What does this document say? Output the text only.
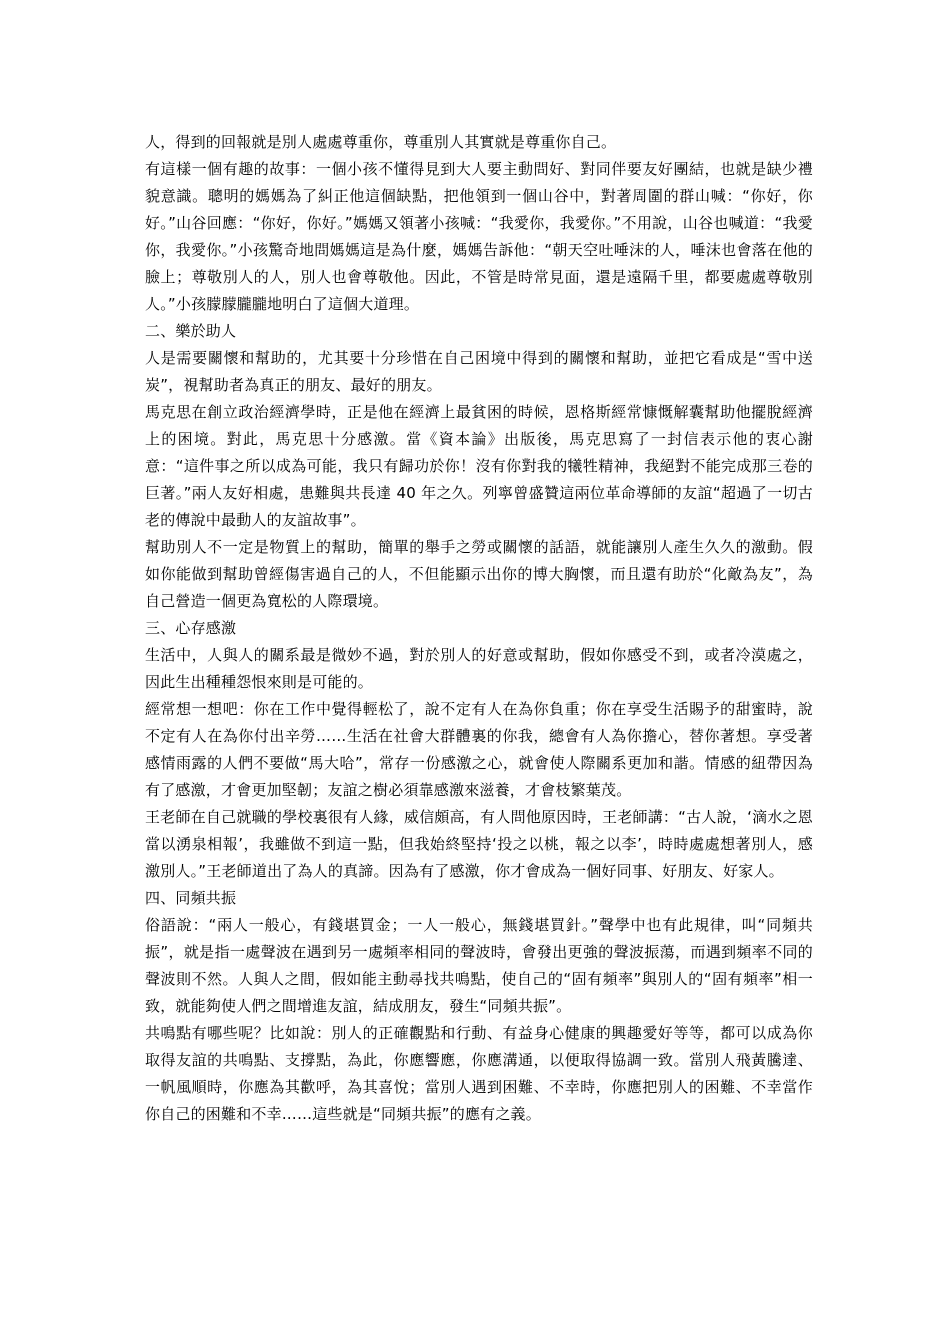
人，得到的回報就是別人處處尊重你，尊重別人其實就是尊重你自己。

有這樣一個有趣的故事：一個小孩不懂得見到大人要主動問好、對同伴要友好團結，也就是缺少禮貌意識。聰明的媽媽為了糾正他這個缺點，把他領到一個山谷中，對著周圍的群山喊：“你好，你好。”山谷回應：“你好，你好。”媽媽又領著小孩喊：“我愛你，我愛你。”不用說，山谷也喊道：“我愛你，我愛你。”小孩驚奇地問媽媽這是為什麼，媽媽告訴他：“朝天空吐唾沫的人，唾沫也會落在他的臉上；尊敬別人的人，別人也會尊敬他。因此，不管是時常見面，還是遠隔千里，都要處處尊敬別人。”小孩朦朦朧朧地明白了這個大道理。

二、樂於助人

人是需要關懷和幫助的，尤其要十分珍惜在自己困境中得到的關懷和幫助，並把它看成是“雪中送炭”，視幫助者為真正的朋友、最好的朋友。

馬克思在創立政治經濟學時，正是他在經濟上最貧困的時候，恩格斯經常慷慨解囊幫助他擺脫經濟上的困境。對此，馬克思十分感激。當《資本論》出版後，馬克思寫了一封信表示他的衷心謝意：“這件事之所以成為可能，我只有歸功於你！沒有你對我的犧牲精神，我絕對不能完成那三卷的巨著。”兩人友好相處，患難與共長達 40 年之久。列寧曾盛贊這兩位革命導師的友誼“超過了一切古老的傳說中最動人的友誼故事”。

幫助別人不一定是物質上的幫助，簡單的舉手之勞或關懷的話語，就能讓別人產生久久的激動。假如你能做到幫助曾經傷害過自己的人，不但能顯示出你的博大胸懷，而且還有助於“化敵為友”，為自己營造一個更為寬松的人際環境。

三、心存感激

生活中，人與人的關系最是微妙不過，對於別人的好意或幫助，假如你感受不到，或者冷漠處之，因此生出種種怨恨來則是可能的。

經常想一想吧：你在工作中覺得輕松了，說不定有人在為你負重；你在享受生活賜予的甜蜜時，說不定有人在為你付出辛勞……生活在社會大群體裏的你我，總會有人為你擔心，替你著想。享受著感情雨露的人們不要做“馬大哈”，常存一份感激之心，就會使人際關系更加和諧。情感的紐帶因為有了感激，才會更加堅韌；友誼之樹必須靠感激來滋養，才會枝繁葉茂。

王老師在自己就職的學校裏很有人緣，威信頗高，有人問他原因時，王老師講：“古人說，‘滴水之恩當以湧泉相報’，我雖做不到這一點，但我始終堅持‘投之以桃，報之以李’，時時處處想著別人，感激別人。”王老師道出了為人的真諦。因為有了感激，你才會成為一個好同事、好朋友、好家人。

四、同頻共振

俗語說：“兩人一般心，有錢堪買金；一人一般心，無錢堪買針。”聲學中也有此規律，叫“同頻共振”，就是指一處聲波在遇到另一處頻率相同的聲波時，會發出更強的聲波振蕩，而遇到頻率不同的聲波則不然。人與人之間，假如能主動尋找共鳴點，使自己的“固有頻率”與別人的“固有頻率”相一致，就能夠使人們之間增進友誼，結成朋友，發生“同頻共振”。

共鳴點有哪些呢？比如說：別人的正確觀點和行動、有益身心健康的興趣愛好等等，都可以成為你取得友誼的共鳴點、支撐點，為此，你應響應，你應溝通，以便取得協調一致。當別人飛黃騰達、一帆風順時，你應為其歡呼，為其喜悅；當別人遇到困難、不幸時，你應把別人的困難、不幸當作你自己的困難和不幸……這些就是“同頻共振”的應有之義。
